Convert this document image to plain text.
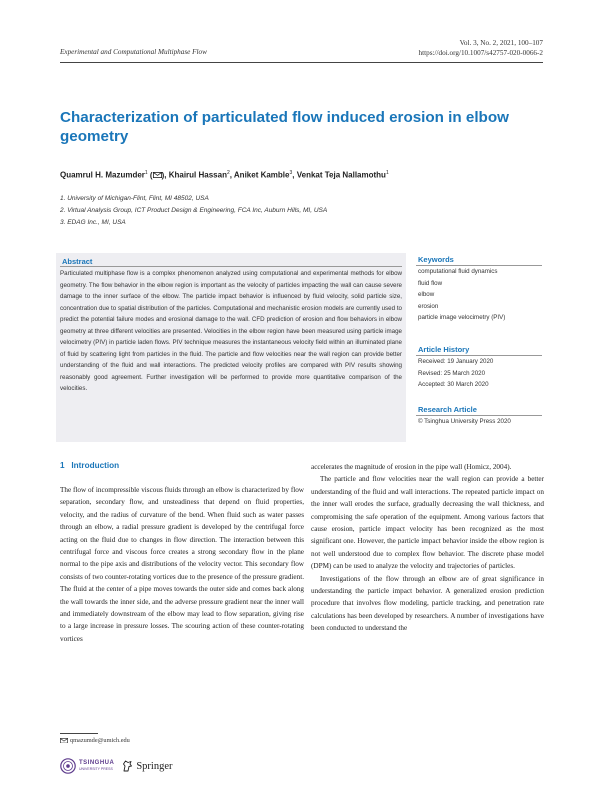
Experimental and Computational Multiphase Flow
Vol. 3, No. 2, 2021, 100–107
https://doi.org/10.1007/s42757-020-0066-2
Characterization of particulated flow induced erosion in elbow geometry
Quamrul H. Mazumder$^1$ ( ), Khairul Hassan$^2$, Aniket Kamble$^3$, Venkat Teja Nallamothu$^1$
1. University of Michigan-Flint, Flint, MI 48502, USA
2. Virtual Analysis Group, ICT Product Design & Engineering, FCA Inc, Auburn Hills, MI, USA
3. EDAG Inc., MI, USA
Abstract
Particulated multiphase flow is a complex phenomenon analyzed using computational and experimental methods for elbow geometry. The flow behavior in the elbow region is important as the velocity of particles impacting the wall can cause severe damage to the inner surface of the elbow. The particle impact behavior is influenced by fluid velocity, solid particle size, concentration due to spatial distribution of the particles. Computational and mechanistic erosion models are currently used to predict the potential failure modes and erosional damage to the wall. CFD prediction of erosion and flow behaviors in elbow geometry at three different velocities are presented. Velocities in the elbow region have been measured using particle image velocimetry (PIV) in particle laden flows. PIV technique measures the instantaneous velocity field within an illuminated plane of fluid by scattering light from particles in the fluid. The particle and flow velocities near the wall region can provide better understanding of the fluid and wall interactions. The predicted velocity profiles are compared with PIV results showing reasonably good agreement. Further investigation will be performed to provide more quantitative comparison of the velocities.
Keywords
computational fluid dynamics
fluid flow
elbow
erosion
particle image velocimetry (PIV)
Article History
Received: 19 January 2020
Revised: 25 March 2020
Accepted: 30 March 2020
Research Article
© Tsinghua University Press 2020
1 Introduction

The flow of incompressible viscous fluids through an elbow is characterized by flow separation, secondary flow, and unsteadiness that depend on fluid properties, velocity, and the radius of curvature of the bend. When fluid such as water passes through an elbow, a radial pressure gradient is developed by the centrifugal force acting on the fluid due to changes in flow direction. The interaction between this centrifugal force and viscous force creates a strong secondary flow in the plane normal to the pipe axis and distributions of the velocity vector. This secondary flow consists of two counter-rotating vortices due to the presence of the pressure gradient. The fluid at the center of a pipe moves towards the outer side and comes back along the wall towards the inner side, and the adverse pressure gradient near the inner wall and immediately downstream of the elbow may lead to flow separation, giving rise to a large increase in pressure losses. The scouring action of these counter-rotating vortices

accelerates the magnitude of erosion in the pipe wall (Homicz, 2004).

The particle and flow velocities near the wall region can provide a better understanding of the fluid and wall interactions. The repeated particle impact on the inner wall erodes the surface, gradually decreasing the wall thickness, and compromising the safe operation of the equipment. Among various factors that cause erosion, particle impact velocity has been recognized as the most significant one. However, the particle impact behavior inside the elbow region is not well understood due to complex flow behavior. The discrete phase model (DPM) can be used to analyze the velocity and trajectories of particles.

Investigations of the flow through an elbow are of great significance in understanding the particle impact behavior. A generalized erosion prediction procedure that involves flow modeling, particle tracking, and penetration rate calculations has been developed by researchers. A number of investigations have been conducted to understand the

qmazumde@umich.edu
TSINGHUA
UNIVERSITY PRESS Springer
